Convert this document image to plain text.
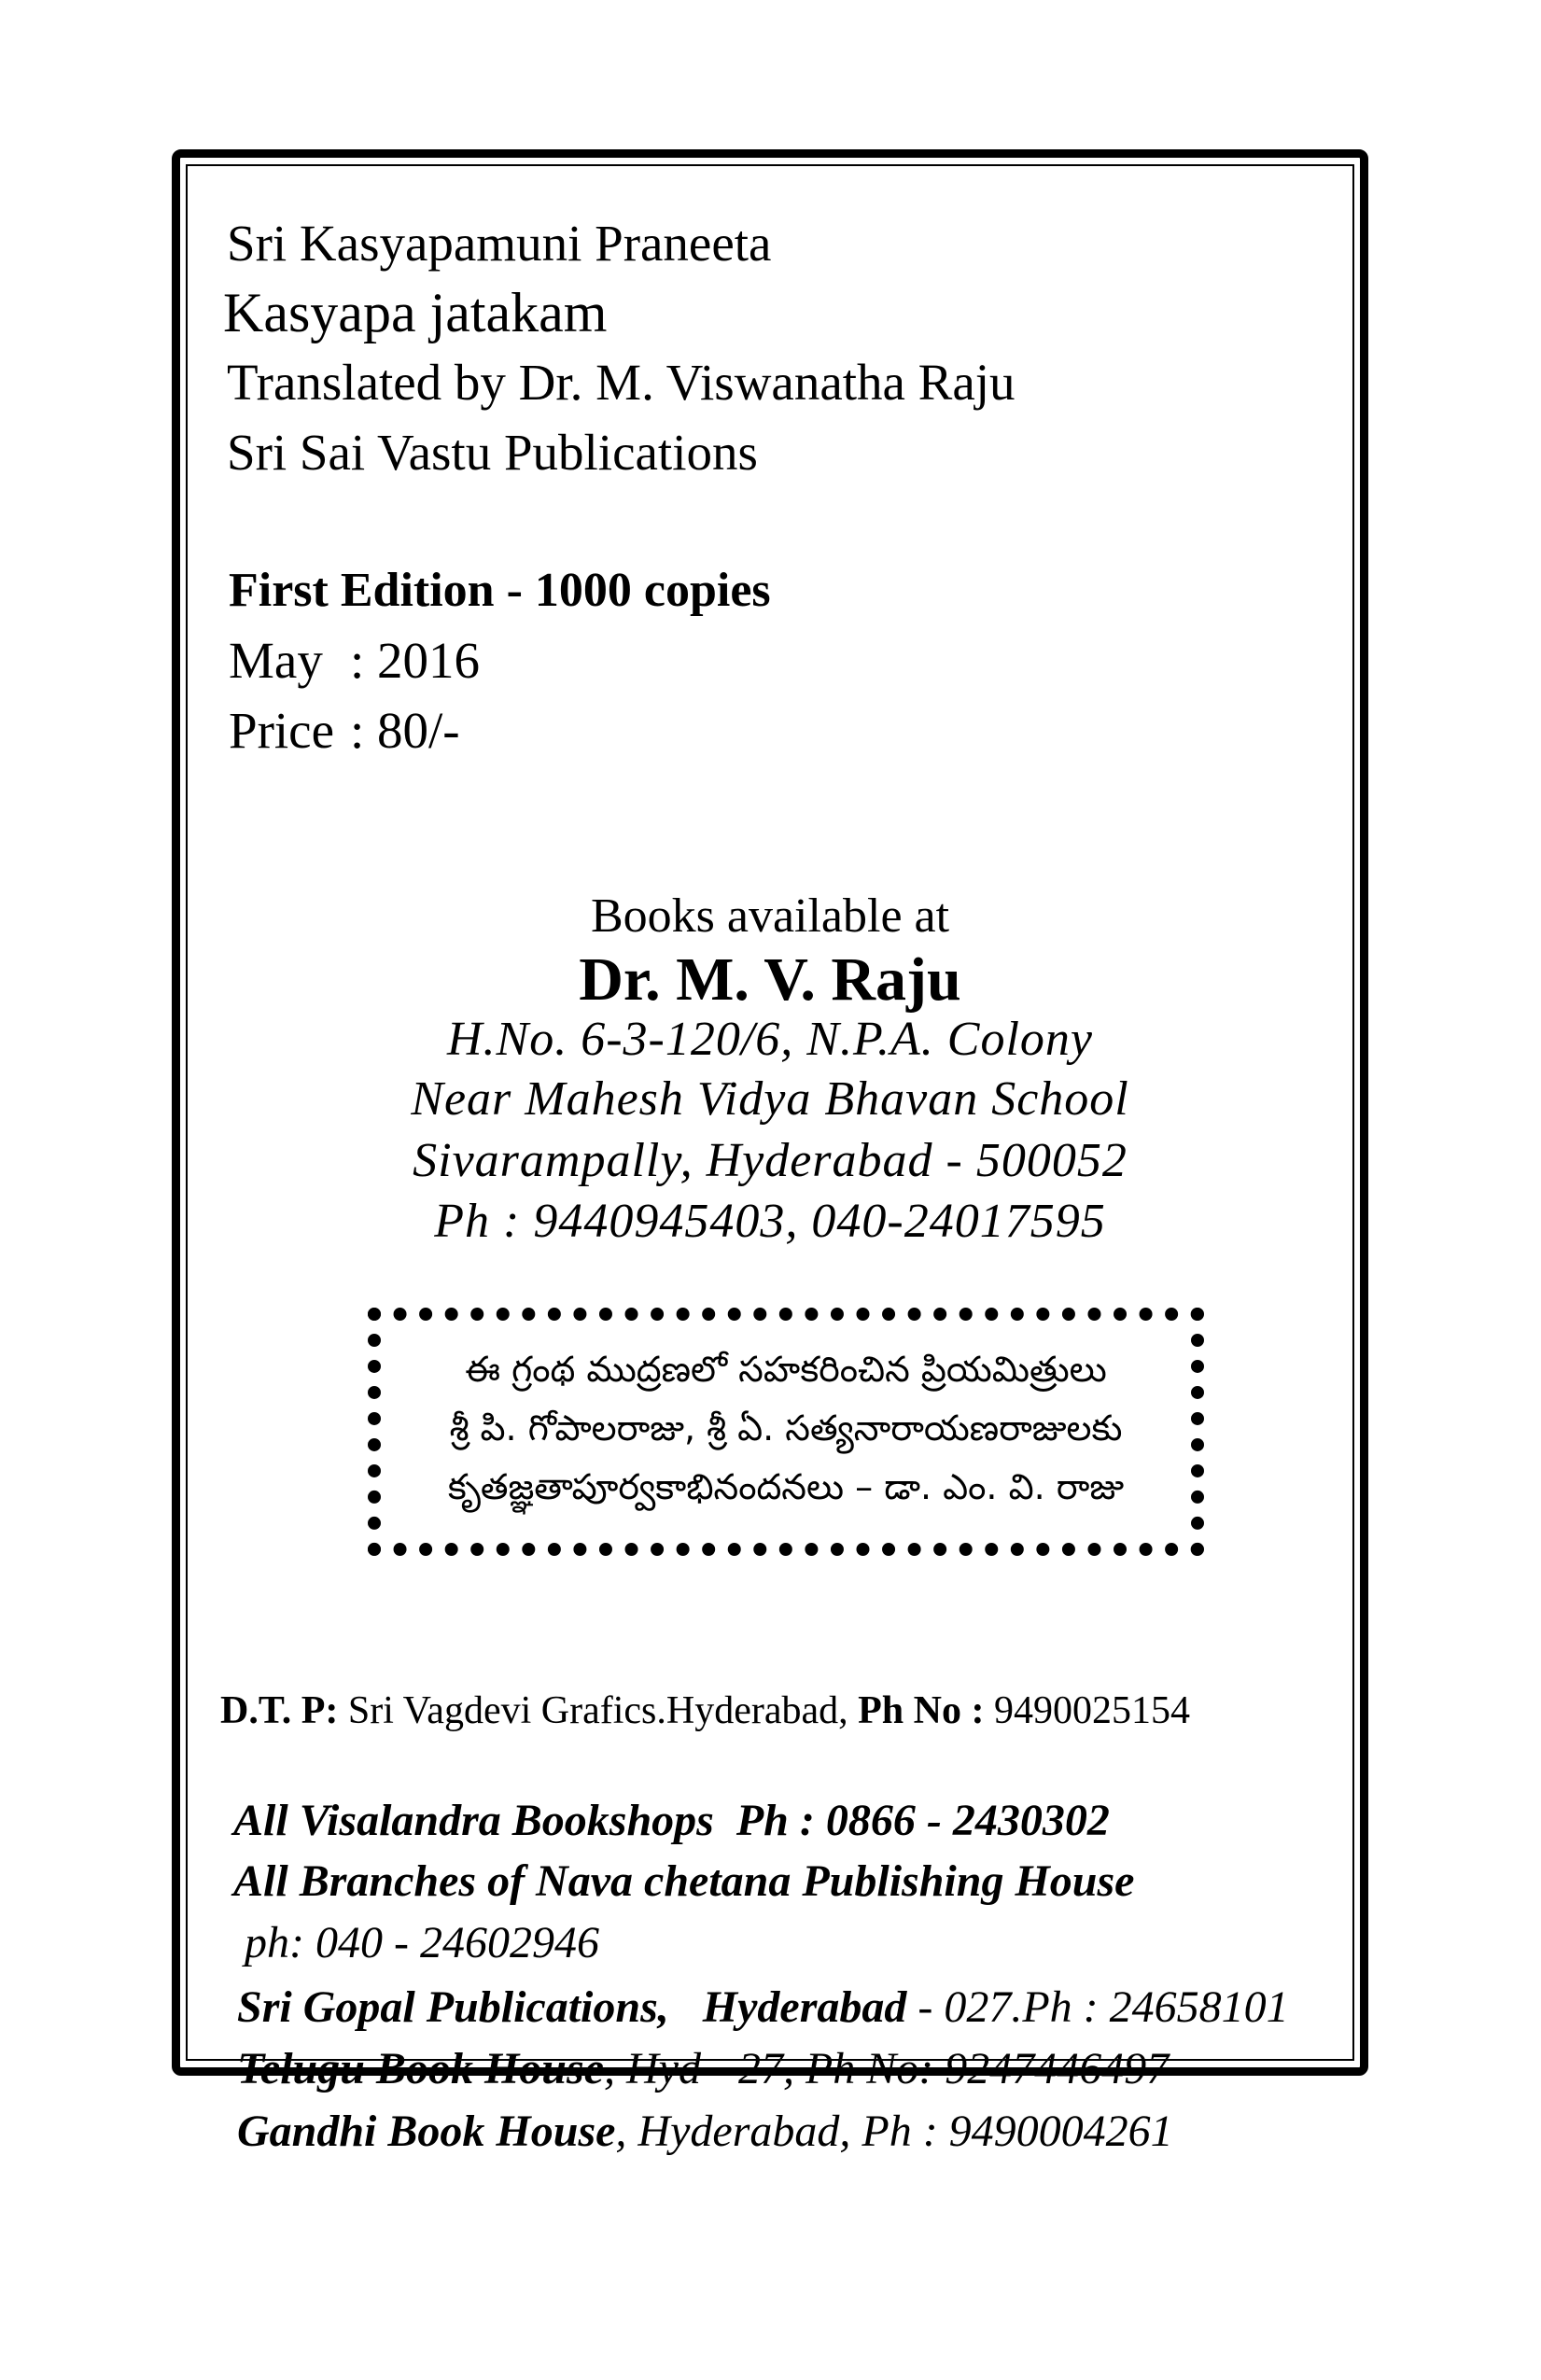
Sri Kasyapamuni Praneeta
Kasyapa jatakam
Translated by Dr. M. Viswanatha Raju
Sri Sai Vastu Publications
First Edition - 1000 copies
May : 2016
Price : 80/-
Books available at
Dr. M. V. Raju
H.No. 6-3-120/6, N.P.A. Colony
Near Mahesh Vidya Bhavan School
Sivarampally, Hyderabad - 500052
Ph : 9440945403, 040-24017595
ఈ గ్రంథ ముద్రణలో సహకరించిన ప్రియమిత్రులు
శ్రీ పి. గోపాలరాజు, శ్రీ ఏ. సత్యనారాయణరాజులకు
కృతజ్ఞతాపూర్వకాభినందనలు – డా. ఎం. వి. రాజు
D.T. P: Sri Vagdevi Grafics.Hyderabad, Ph No : 9490025154
All Visalandra Bookshops Ph : 0866 - 2430302
All Branches of Nava chetana Publishing House
ph: 040 - 24602946
Sri Gopal Publications, Hyderabad - 027.Ph : 24658101
Telugu Book House, Hyd - 27, Ph No: 9247446497
Gandhi Book House, Hyderabad, Ph : 9490004261
